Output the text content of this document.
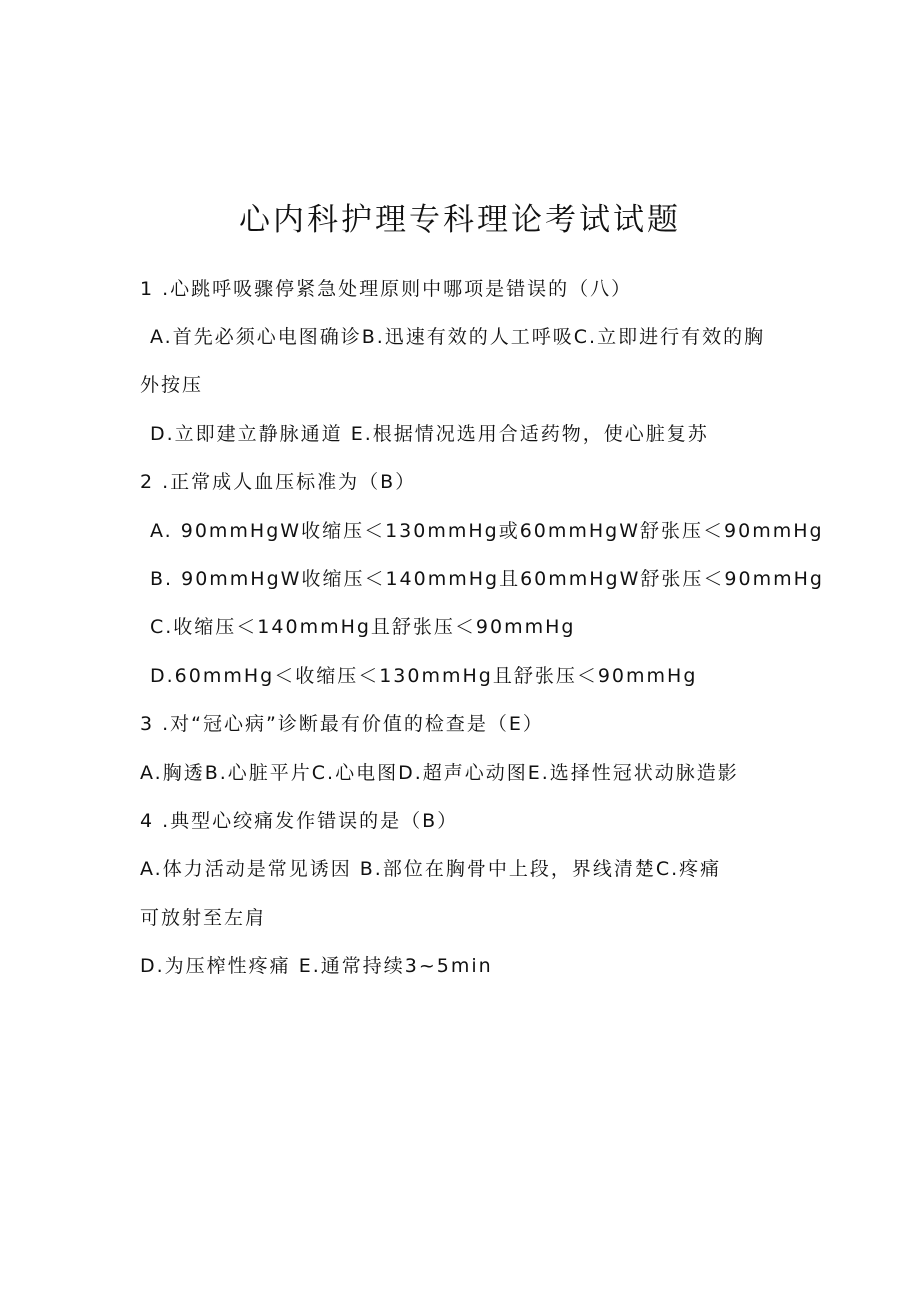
心内科护理专科理论考试试题
1 .心跳呼吸骤停紧急处理原则中哪项是错误的（八）
A.首先必须心电图确诊B.迅速有效的人工呼吸C.立即进行有效的胸
外按压
D.立即建立静脉通道 E.根据情况选用合适药物，使心脏复苏
2 .正常成人血压标准为（B）
A. 90mmHgW收缩压＜130mmHg或60mmHgW舒张压＜90mmHg
B. 90mmHgW收缩压＜140mmHg且60mmHgW舒张压＜90mmHg
C.收缩压＜140mmHg且舒张压＜90mmHg
D.60mmHg＜收缩压＜130mmHg且舒张压＜90mmHg
3 .对“冠心病”诊断最有价值的检查是（E）
A.胸透B.心脏平片C.心电图D.超声心动图E.选择性冠状动脉造影
4 .典型心绞痛发作错误的是（B）
A.体力活动是常见诱因 B.部位在胸骨中上段，界线清楚C.疼痛
可放射至左肩
D.为压榨性疼痛 E.通常持续3~5min
